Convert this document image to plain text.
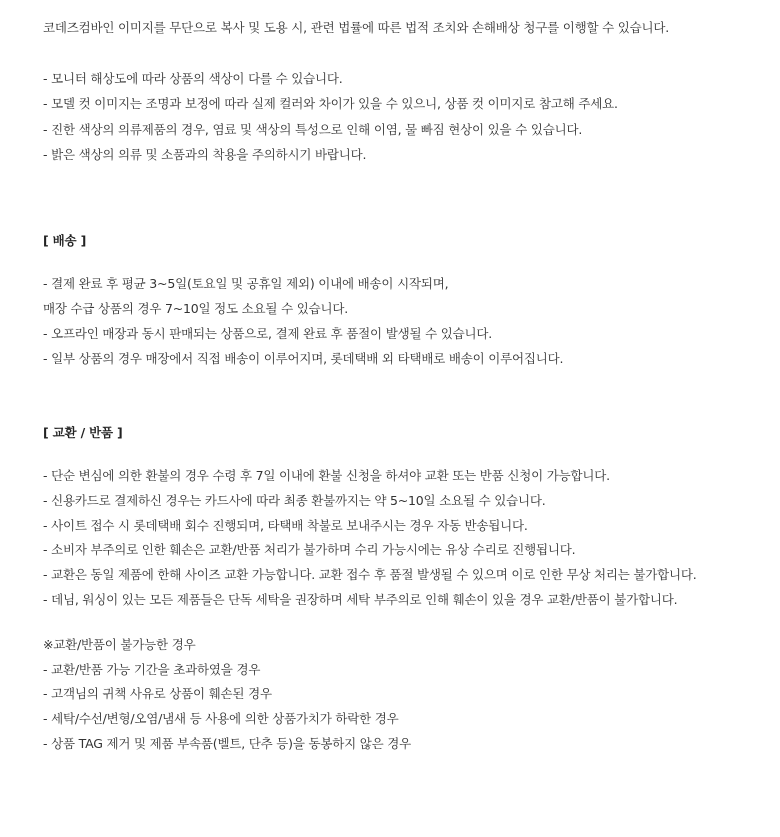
코데즈컴바인 이미지를 무단으로 복사 및 도용 시, 관련 법률에 따른 법적 조치와 손해배상 청구를 이행할 수 있습니다.
- 모니터 해상도에 따라 상품의 색상이 다를 수 있습니다.
- 모델 컷 이미지는 조명과 보정에 따라 실제 컬러와 차이가 있을 수 있으니, 상품 컷 이미지로 참고해 주세요.
- 진한 색상의 의류제품의 경우, 염료 및 색상의 특성으로 인해 이염, 물 빠짐 현상이 있을 수 있습니다.
- 밝은 색상의 의류 및 소품과의 착용을 주의하시기 바랍니다.
[ 배송 ]
- 결제 완료 후 평균 3~5일(토요일 및 공휴일 제외) 이내에 배송이 시작되며,
매장 수급 상품의 경우 7~10일 정도 소요될 수 있습니다.
- 오프라인 매장과 동시 판매되는 상품으로, 결제 완료 후 품절이 발생될 수 있습니다.
- 일부 상품의 경우 매장에서 직접 배송이 이루어지며, 롯데택배 외 타택배로 배송이 이루어집니다.
[ 교환 / 반품 ]
- 단순 변심에 의한 환불의 경우 수령 후 7일 이내에 환불 신청을 하셔야 교환 또는 반품 신청이 가능합니다.
- 신용카드로 결제하신 경우는 카드사에 따라 최종 환불까지는 약 5~10일 소요될 수 있습니다.
- 사이트 접수 시 롯데택배 회수 진행되며, 타택배 착불로 보내주시는 경우 자동 반송됩니다.
- 소비자 부주의로 인한 훼손은 교환/반품 처리가 불가하며 수리 가능시에는 유상 수리로 진행됩니다.
- 교환은 동일 제품에 한해 사이즈 교환 가능합니다. 교환 접수 후 품절 발생될 수 있으며 이로 인한 무상 처리는 불가합니다.
- 데님, 워싱이 있는 모든 제품들은 단독 세탁을 권장하며 세탁 부주의로 인해 훼손이 있을 경우 교환/반품이 불가합니다.
※교환/반품이 불가능한 경우
- 교환/반품 가능 기간을 초과하였을 경우
- 고객님의 귀책 사유로 상품이 훼손된 경우
- 세탁/수선/변형/오염/냄새 등 사용에 의한 상품가치가 하락한 경우
- 상품 TAG 제거 및 제품 부속품(벨트, 단추 등)을 동봉하지 않은 경우
